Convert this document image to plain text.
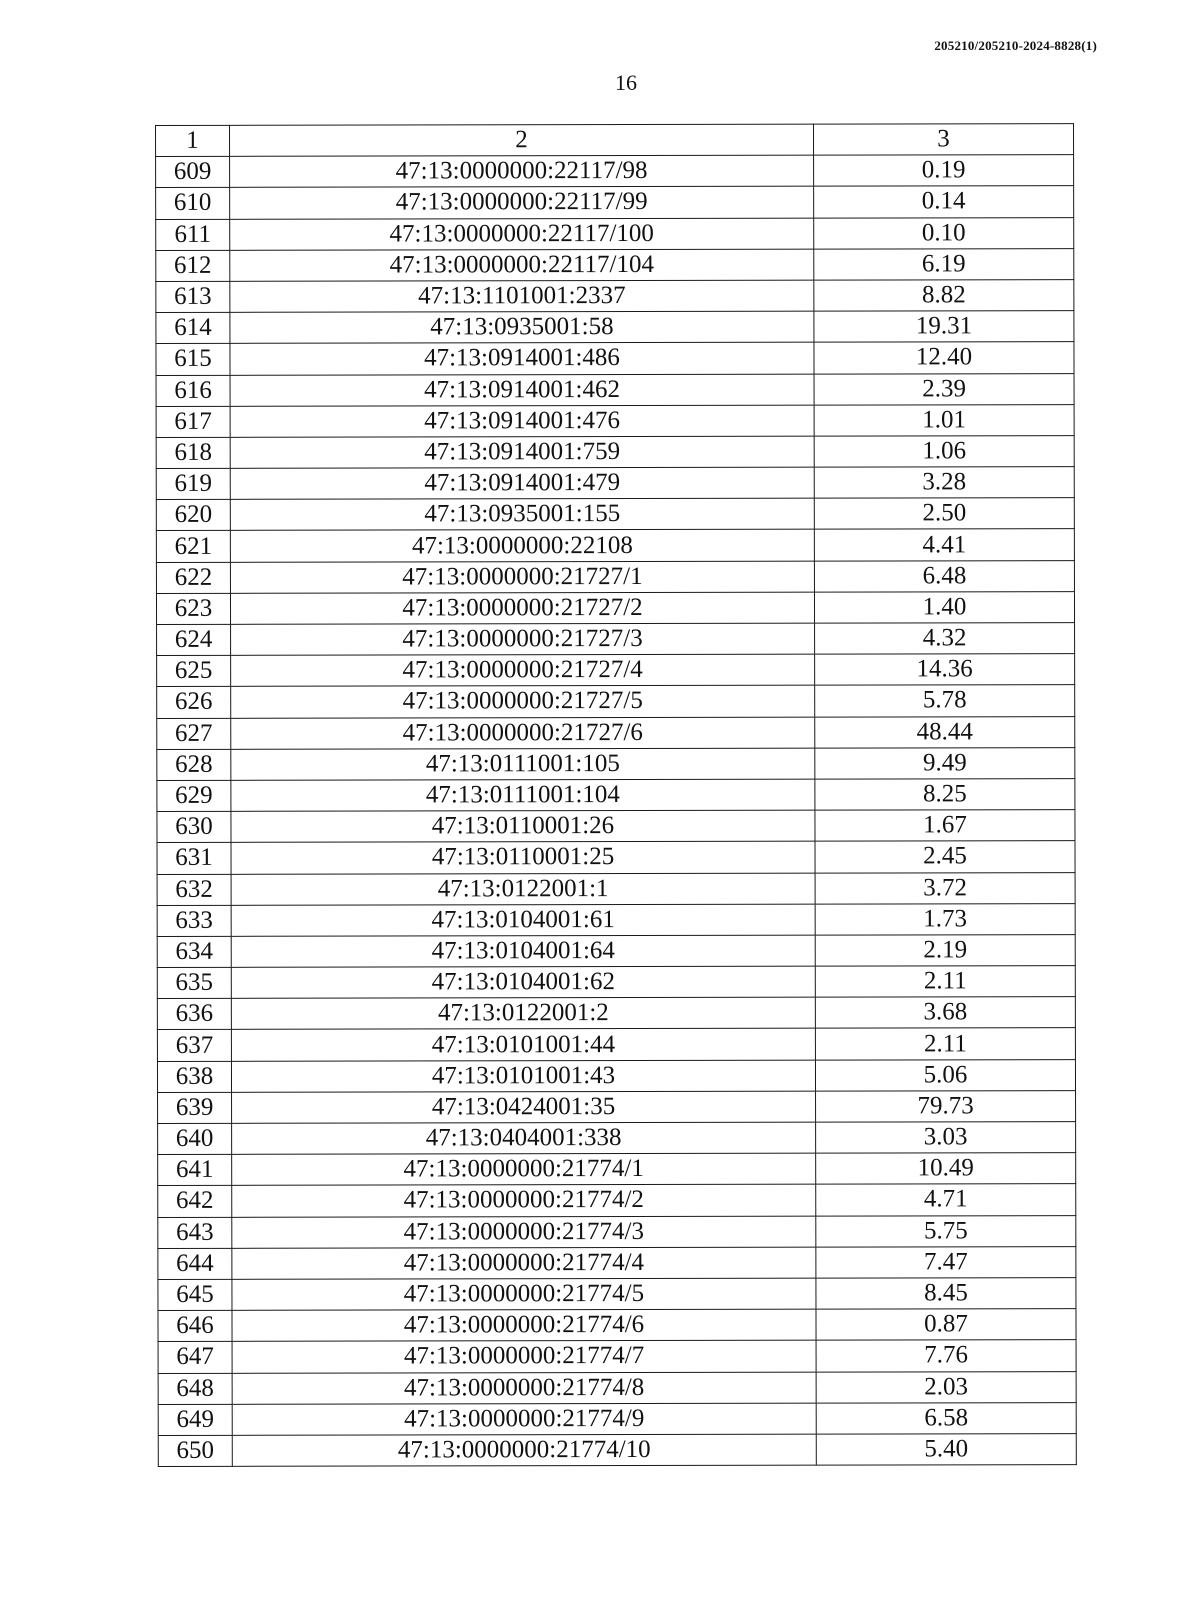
205210/205210-2024-8828(1)
16
1	2	3
609	47:13:0000000:22117/98	0.19
610	47:13:0000000:22117/99	0.14
611	47:13:0000000:22117/100	0.10
612	47:13:0000000:22117/104	6.19
613	47:13:1101001:2337	8.82
614	47:13:0935001:58	19.31
615	47:13:0914001:486	12.40
616	47:13:0914001:462	2.39
617	47:13:0914001:476	1.01
618	47:13:0914001:759	1.06
619	47:13:0914001:479	3.28
620	47:13:0935001:155	2.50
621	47:13:0000000:22108	4.41
622	47:13:0000000:21727/1	6.48
623	47:13:0000000:21727/2	1.40
624	47:13:0000000:21727/3	4.32
625	47:13:0000000:21727/4	14.36
626	47:13:0000000:21727/5	5.78
627	47:13:0000000:21727/6	48.44
628	47:13:0111001:105	9.49
629	47:13:0111001:104	8.25
630	47:13:0110001:26	1.67
631	47:13:0110001:25	2.45
632	47:13:0122001:1	3.72
633	47:13:0104001:61	1.73
634	47:13:0104001:64	2.19
635	47:13:0104001:62	2.11
636	47:13:0122001:2	3.68
637	47:13:0101001:44	2.11
638	47:13:0101001:43	5.06
639	47:13:0424001:35	79.73
640	47:13:0404001:338	3.03
641	47:13:0000000:21774/1	10.49
642	47:13:0000000:21774/2	4.71
643	47:13:0000000:21774/3	5.75
644	47:13:0000000:21774/4	7.47
645	47:13:0000000:21774/5	8.45
646	47:13:0000000:21774/6	0.87
647	47:13:0000000:21774/7	7.76
648	47:13:0000000:21774/8	2.03
649	47:13:0000000:21774/9	6.58
650	47:13:0000000:21774/10	5.40
